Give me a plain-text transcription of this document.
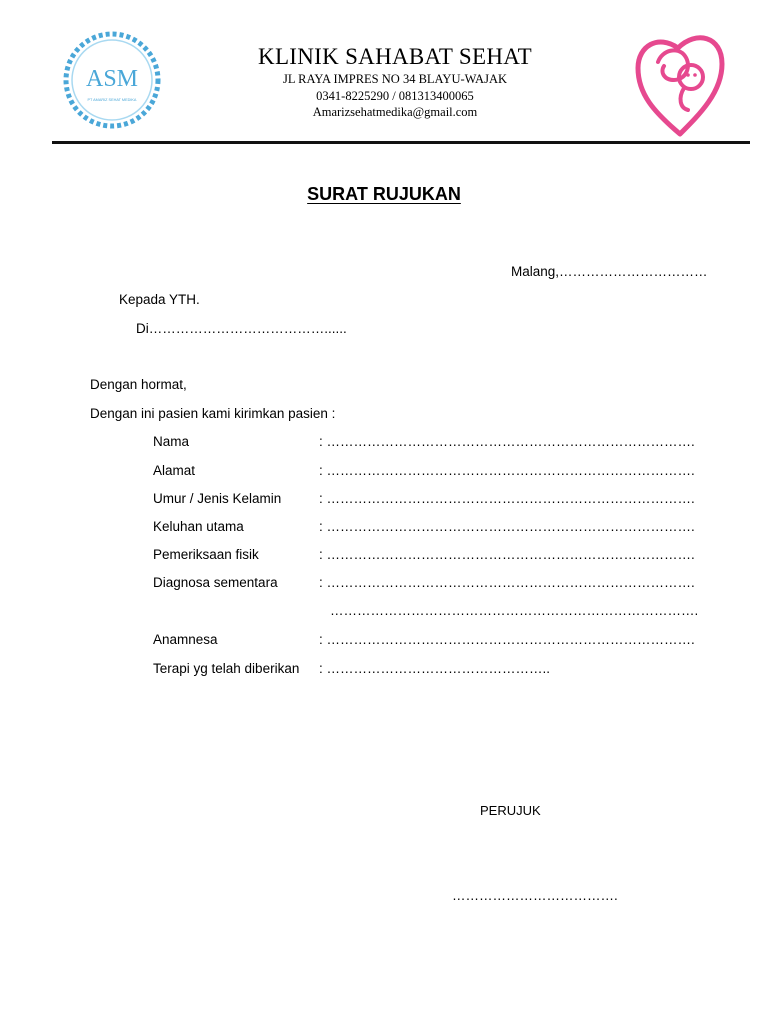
ASM
PT AMARIZ SEHAT MEDIKA
KLINIK SAHABAT SEHAT
JL RAYA IMPRES NO 34 BLAYU-WAJAK
0341-8225290 / 081313400065
Amarizsehatmedika@gmail.com
SURAT RUJUKAN
Malang,……………………………
Kepada YTH.
Di…………………………………......
Dengan hormat,
Dengan ini pasien kami kirimkan pasien :
Nama	: ……………………………………………………………………….
Alamat	: ……………………………………………………………………….
Umur / Jenis Kelamin	: ……………………………………………………………………….
Keluhan utama	: ……………………………………………………………………….
Pemeriksaan fisik	: ……………………………………………………………………….
Diagnosa sementara	: ……………………………………………………………………….
……………………………………………………………………….
Anamnesa	: ……………………………………………………………………….
Terapi yg telah diberikan : …………………………………………..
PERUJUK
……………………………….
